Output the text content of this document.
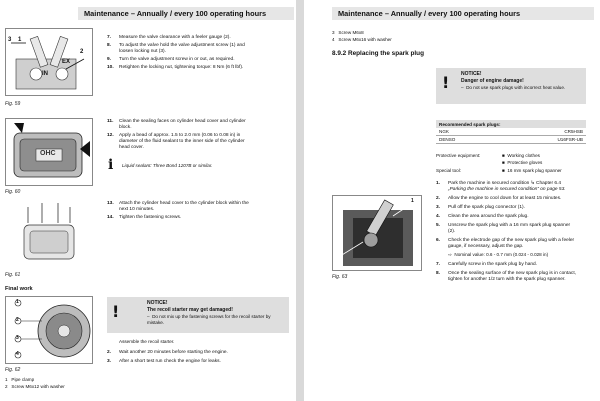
Maintenance – Annually / every 100 operating hours
3 1
2
IN
EX
Fig. 59
7. Measure the valve clearance with a feeler gauge (2).
8. To adjust the valve hold the valve adjustment screw (1) and
loosen locking nut (3).
9. Turn the valve adjustment screw in or out, as required.
10. Retighten the locking nut, tightening torque: 8 Nm (6 ft lbf).
OHC
Fig. 60
11. Clean the sealing faces on cylinder head cover and cylinder
block.
12. Apply a bead of approx. 1.5 to 2.0 mm (0.06 to 0.08 in) in
diameter of the fluid sealant to the inner side of the cylinder
head cover.
i Liquid sealant: Three Bond 1207B or similar.
Fig. 61
13. Attach the cylinder head cover to the cylinder block within the
next 10 minutes.
14. Tighten the fastening screws.
Final work
1
2
3
4
Fig. 62
1 Pipe clamp
2 Screw M6x12 with washer
!	NOTICE!
The recoil starter may get damaged!
–  Do not mix up the fastening screws for the recoil starter by mistake.
Assemble the recoil starter.
2. Wait another 20 minutes before starting the engine.
3. After a short test run check the engine for leaks.
Maintenance – Annually / every 100 operating hours
3 Screw M6x8
4 Screw M6x16 with washer
8.9.2 Replacing the spark plug
! NOTICE!
Danger of engine damage!
–  Do not use spark plugs with incorrect heat value.
Recommended spark plugs:	
NGK	CR5HSB
DENSO	U16FSR-UB
Protective equipment:	■  Working clothes
■  Protective gloves
Special tool:	■  16 mm spark plug spanner
1
2
Fig. 63
1. Park the machine in secured condition ↳ Chapter 6.4
„Parking the machine in secured condition“ on page 53.
2. Allow the engine to cool down for at least 15 minutes.
3. Pull off the spark plug connector (1).
4. Clean the area around the spark plug.
5. Unscrew the spark plug with a 16 mm spark plug spanner
(2).
6. Check the electrode gap of the new spark plug with a feeler
gauge, if necessary, adjust the gap.
⇨  Nominal value: 0.6 - 0.7 mm (0.024 - 0.028 in)
7. Carefully screw in the spark plug by hand.
8. Once the sealing surface of the new spark plug is in contact,
tighten for another 1/2 turn with the spark plug spanner.
